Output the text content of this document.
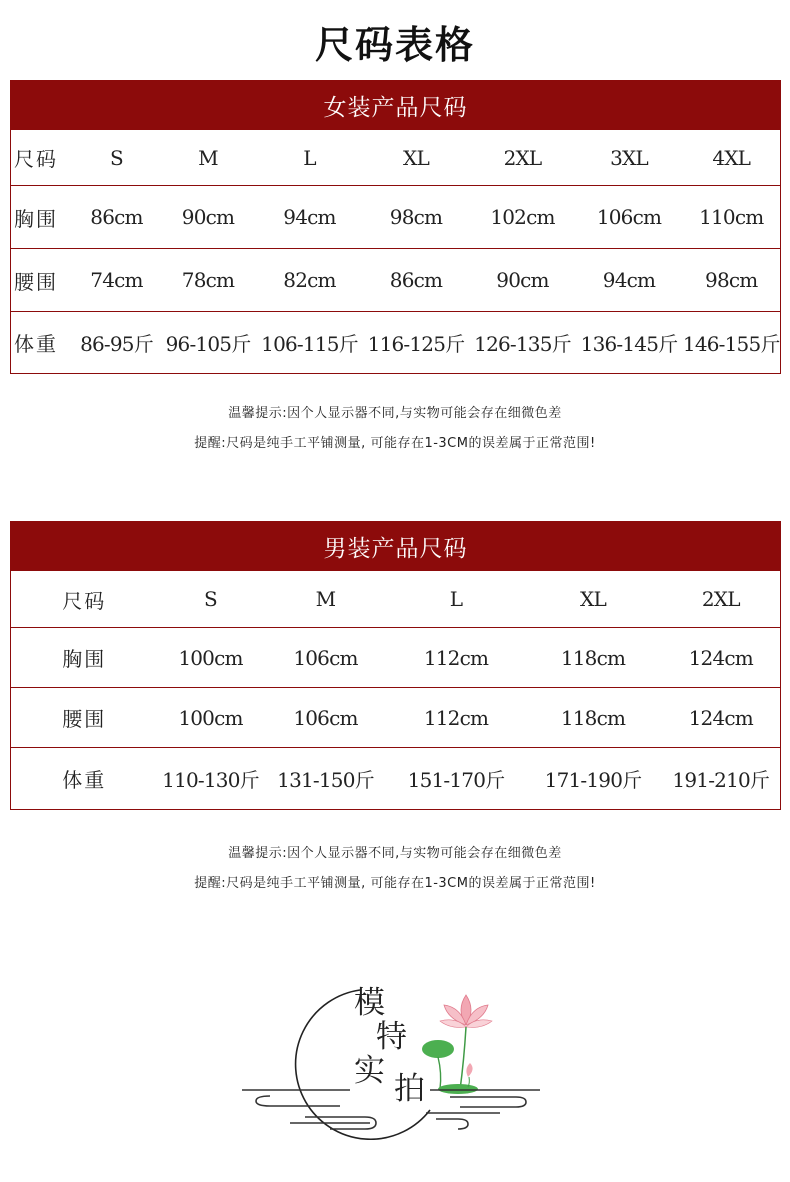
尺码表格
女装产品尺码							
尺码	S	M	L	XL	2XL	3XL	4XL
胸围	86cm	90cm	94cm	98cm	102cm	106cm	110cm
腰围	74cm	78cm	82cm	86cm	90cm	94cm	98cm
体重	86-95斤	96-105斤	106-115斤	116-125斤	126-135斤	136-145斤	146-155斤
温馨提示:因个人显示器不同,与实物可能会存在细微色差
提醒:尺码是纯手工平铺测量, 可能存在1-3CM的误差属于正常范围!
男装产品尺码					
尺码	S	M	L	XL	2XL
胸围	100cm	106cm	112cm	118cm	124cm
腰围	100cm	106cm	112cm	118cm	124cm
体重	110-130斤	131-150斤	151-170斤	171-190斤	191-210斤
温馨提示:因个人显示器不同,与实物可能会存在细微色差
提醒:尺码是纯手工平铺测量, 可能存在1-3CM的误差属于正常范围!
模
特
实 拍
